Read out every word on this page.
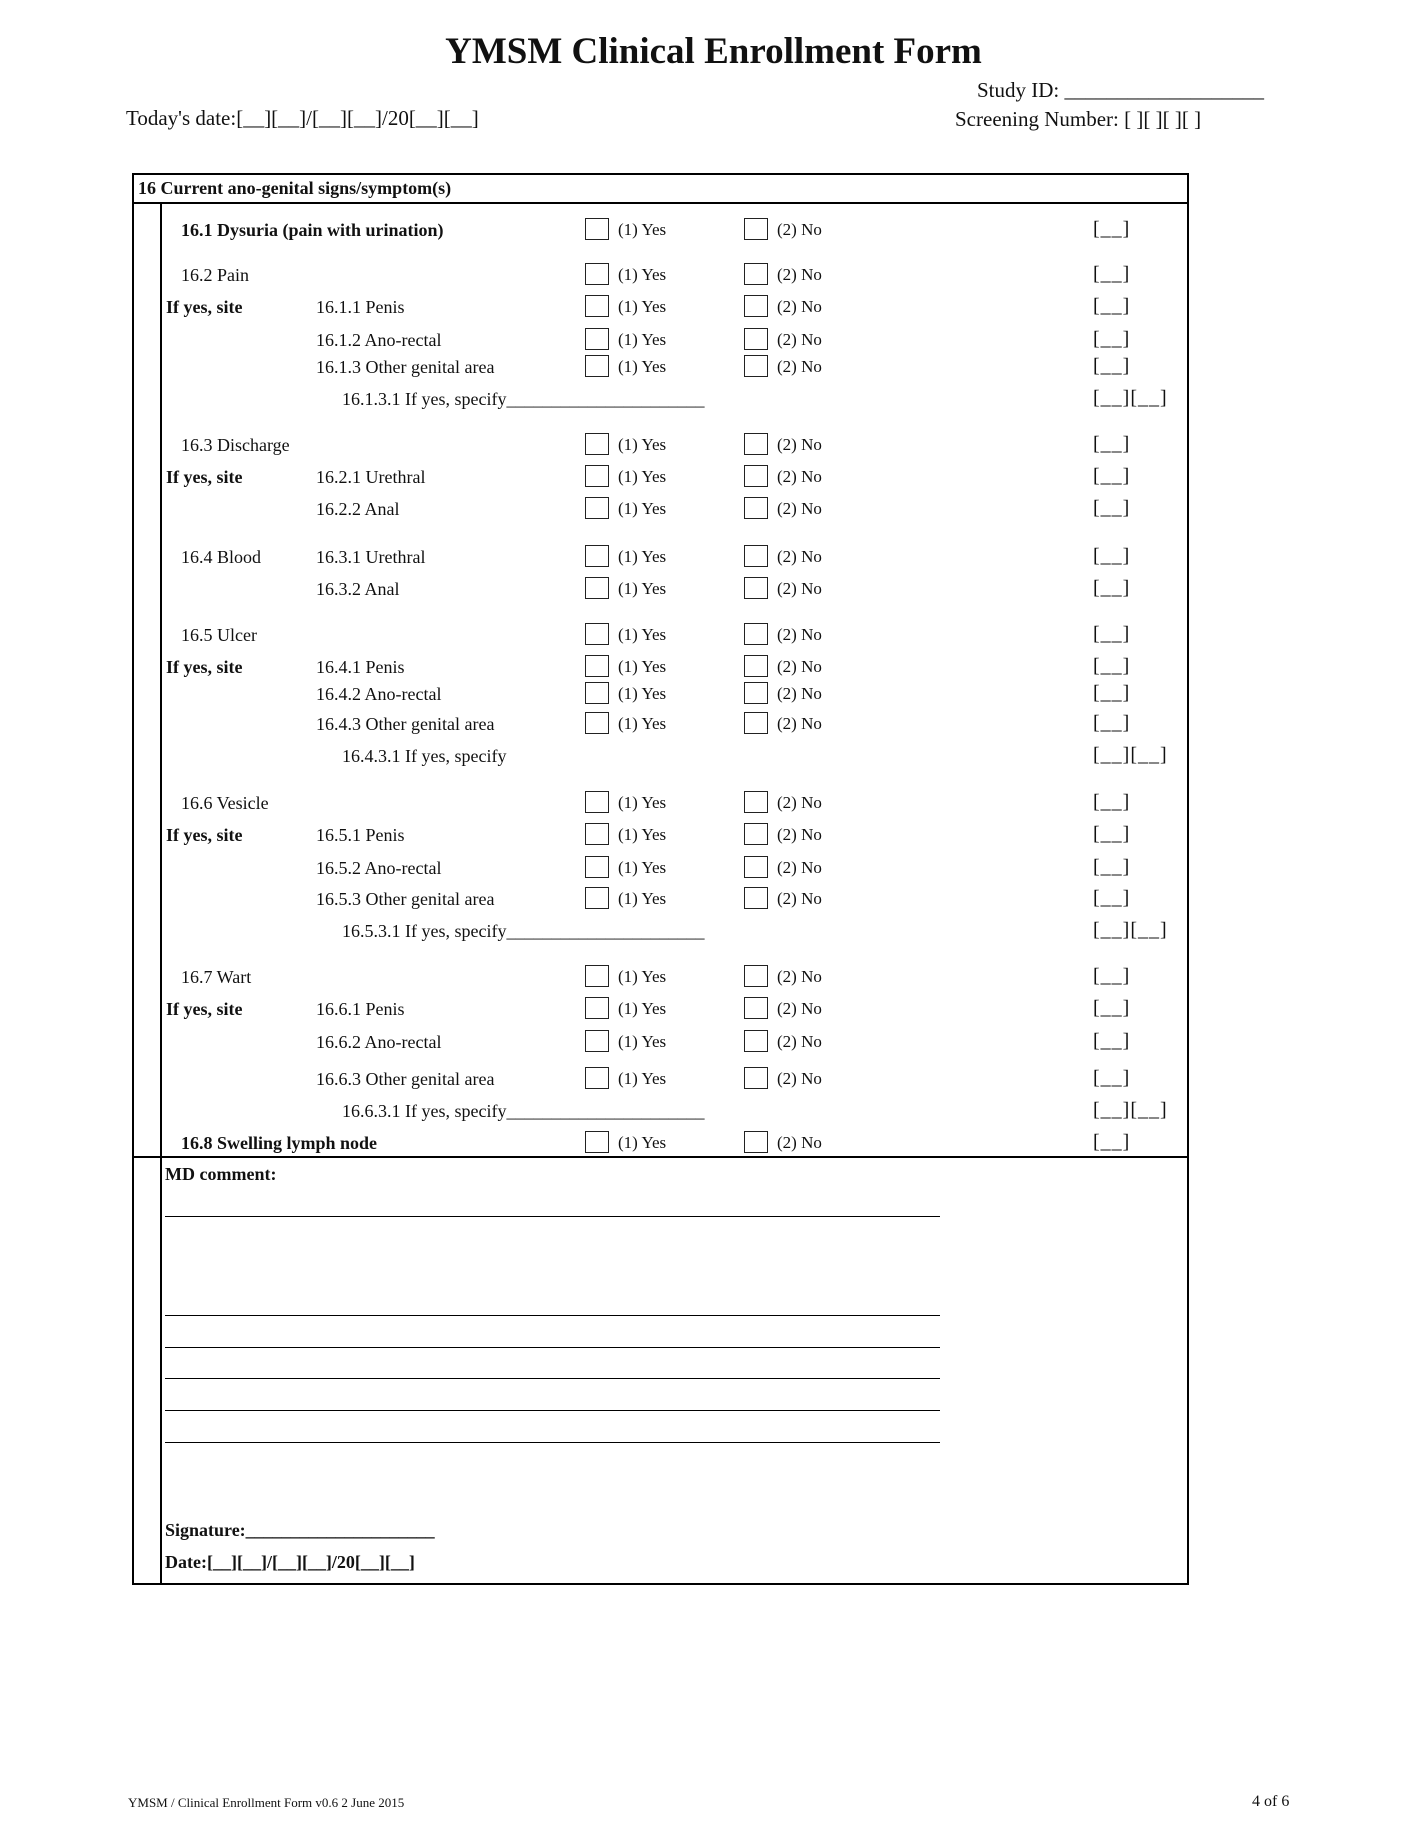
YMSM Clinical Enrollment Form
Study ID: ___________________
Today's date:[__][__]/[__][__]/20[__][__]	Screening Number: [ ][ ][ ][ ]
16 Current ano-genital signs/symptom(s)
16.1 Dysuria (pain with urination)	(1) Yes	(2) No	[__]
16.2 Pain	(1) Yes	(2) No	[__]
If yes, site	16.1.1 Penis	(1) Yes	(2) No	[__]
16.1.2 Ano-rectal	(1) Yes	(2) No	[__]
16.1.3 Other genital area	(1) Yes	(2) No	[__]
16.1.3.1 If yes, specify______________________	[__][__]
16.3 Discharge	(1) Yes	(2) No	[__]
If yes, site	16.2.1 Urethral	(1) Yes	(2) No	[__]
16.2.2 Anal	(1) Yes	(2) No	[__]
16.4 Blood	16.3.1 Urethral	(1) Yes	(2) No	[__]
16.3.2 Anal	(1) Yes	(2) No	[__]
16.5 Ulcer	(1) Yes	(2) No	[__]
If yes, site	16.4.1 Penis	(1) Yes	(2) No	[__]
16.4.2 Ano-rectal	(1) Yes	(2) No	[__]
16.4.3 Other genital area	(1) Yes	(2) No	[__]
16.4.3.1 If yes, specify	[__][__]
16.6 Vesicle	(1) Yes	(2) No	[__]
If yes, site	16.5.1 Penis	(1) Yes	(2) No	[__]
16.5.2 Ano-rectal	(1) Yes	(2) No	[__]
16.5.3 Other genital area	(1) Yes	(2) No	[__]
16.5.3.1 If yes, specify______________________	[__][__]
16.7 Wart	(1) Yes	(2) No	[__]
If yes, site	16.6.1 Penis	(1) Yes	(2) No	[__]
16.6.2 Ano-rectal	(1) Yes	(2) No	[__]
16.6.3 Other genital area	(1) Yes	(2) No	[__]
16.6.3.1 If yes, specify______________________	[__][__]
16.8 Swelling lymph node	(1) Yes	(2) No	[__]
MD comment:
Signature:_____________________
Date:[__][__]/[__][__]/20[__][__]
YMSM / Clinical Enrollment Form v0.6 2 June 2015	4 of 6
